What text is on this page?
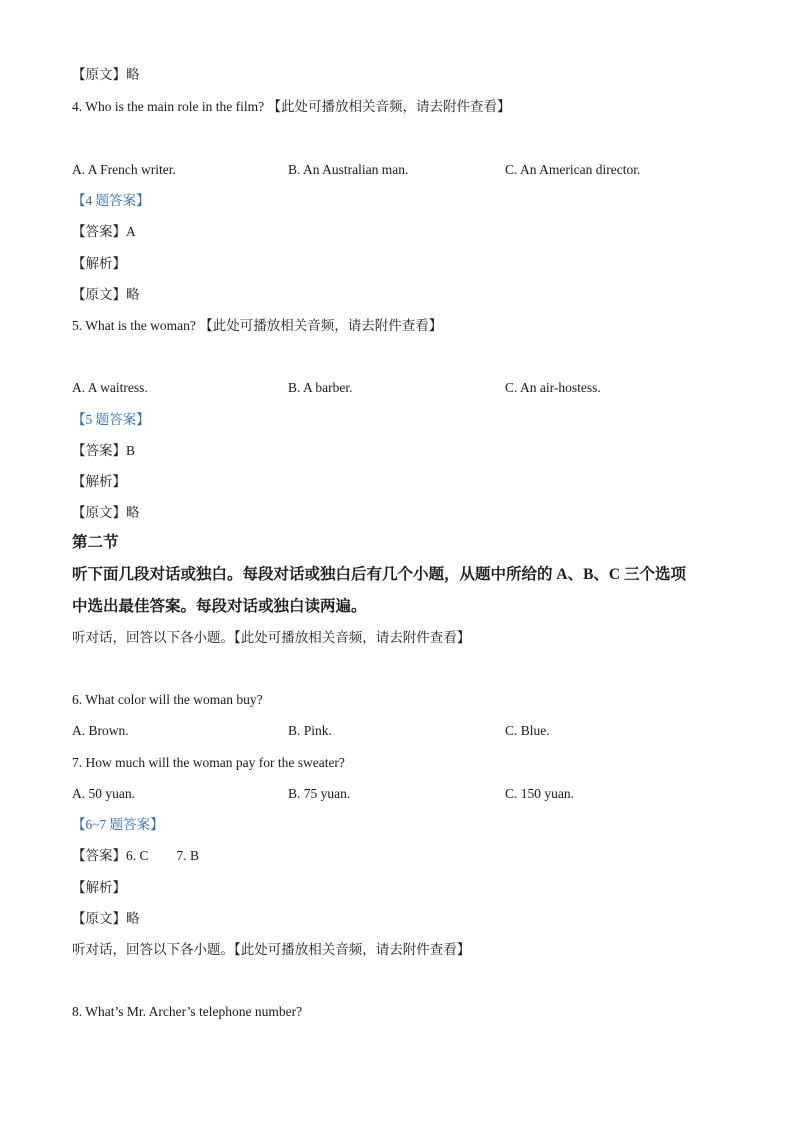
【原文】略
4. Who is the main role in the film? 【此处可播放相关音频，请去附件查看】
A. A French writer.	B. An Australian man.	C. An American director.
【4 题答案】
【答案】A
【解析】
【原文】略
5. What is the woman? 【此处可播放相关音频，请去附件查看】
A. A waitress.	B. A barber.	C. An air-hostess.
【5 题答案】
【答案】B
【解析】
【原文】略
第二节
听下面几段对话或独白。每段对话或独白后有几个小题，从题中所给的 A、B、C 三个选项
中选出最佳答案。每段对话或独白读两遍。
听对话，回答以下各小题。【此处可播放相关音频，请去附件查看】
6. What color will the woman buy?
A. Brown.	B. Pink.	C. Blue.
7. How much will the woman pay for the sweater?
A. 50 yuan.	B. 75 yuan.	C. 150 yuan.
【6~7 题答案】
【答案】6. C 7. B
【解析】
【原文】略
听对话，回答以下各小题。【此处可播放相关音频，请去附件查看】
8. What’s Mr. Archer’s telephone number?
